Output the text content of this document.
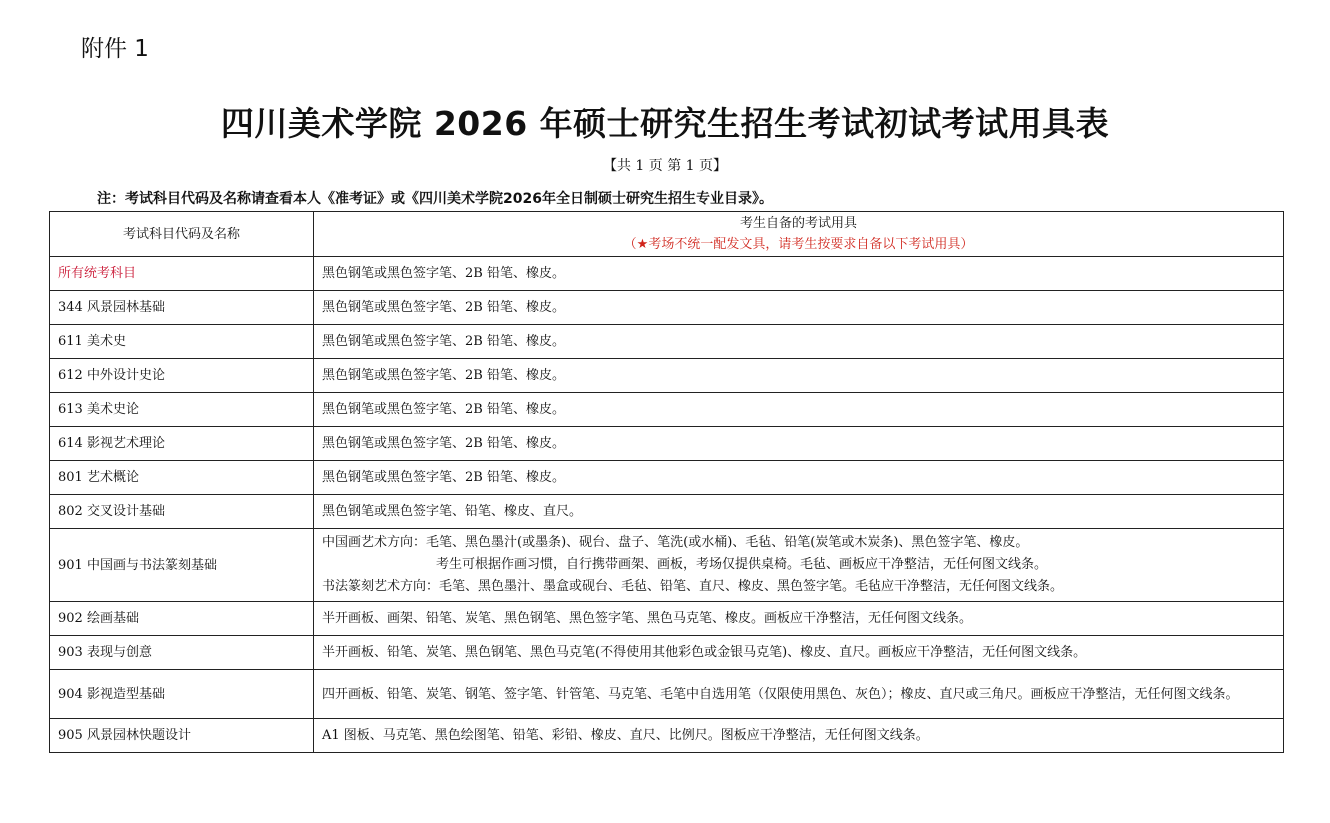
附件 1
四川美术学院 2026 年硕士研究生招生考试初试考试用具表
【共 1 页 第 1 页】
注：考试科目代码及名称请查看本人《准考证》或《四川美术学院2026年全日制硕士研究生招生专业目录》。
考试科目代码及名称	考生自备的考试用具
（★考场不统一配发文具，请考生按要求自备以下考试用具）

所有统考科目	黑色钢笔或黑色签字笔、2B 铅笔、橡皮。
344 风景园林基础	黑色钢笔或黑色签字笔、2B 铅笔、橡皮。
611 美术史	黑色钢笔或黑色签字笔、2B 铅笔、橡皮。
612 中外设计史论	黑色钢笔或黑色签字笔、2B 铅笔、橡皮。
613 美术史论	黑色钢笔或黑色签字笔、2B 铅笔、橡皮。
614 影视艺术理论	黑色钢笔或黑色签字笔、2B 铅笔、橡皮。
801 艺术概论	黑色钢笔或黑色签字笔、2B 铅笔、橡皮。
802 交叉设计基础	黑色钢笔或黑色签字笔、铅笔、橡皮、直尺。
901 中国画与书法篆刻基础	中国画艺术方向：毛笔、黑色墨汁(或墨条)、砚台、盘子、笔洗(或水桶)、毛毡、铅笔(炭笔或木炭条)、黑色签字笔、橡皮。
考生可根据作画习惯，自行携带画架、画板，考场仅提供桌椅。毛毡、画板应干净整洁，无任何图文线条。
书法篆刻艺术方向：毛笔、黑色墨汁、墨盒或砚台、毛毡、铅笔、直尺、橡皮、黑色签字笔。毛毡应干净整洁，无任何图文线条。

902 绘画基础	半开画板、画架、铅笔、炭笔、黑色钢笔、黑色签字笔、黑色马克笔、橡皮。画板应干净整洁，无任何图文线条。
903 表现与创意	半开画板、铅笔、炭笔、黑色钢笔、黑色马克笔(不得使用其他彩色或金银马克笔)、橡皮、直尺。画板应干净整洁，无任何图文线条。
904 影视造型基础	四开画板、铅笔、炭笔、钢笔、签字笔、针管笔、马克笔、毛笔中自选用笔（仅限使用黑色、灰色）；橡皮、直尺或三角尺。画板应干净整洁，无任何图文线条。
905 风景园林快题设计	A1 图板、马克笔、黑色绘图笔、铅笔、彩铅、橡皮、直尺、比例尺。图板应干净整洁，无任何图文线条。
